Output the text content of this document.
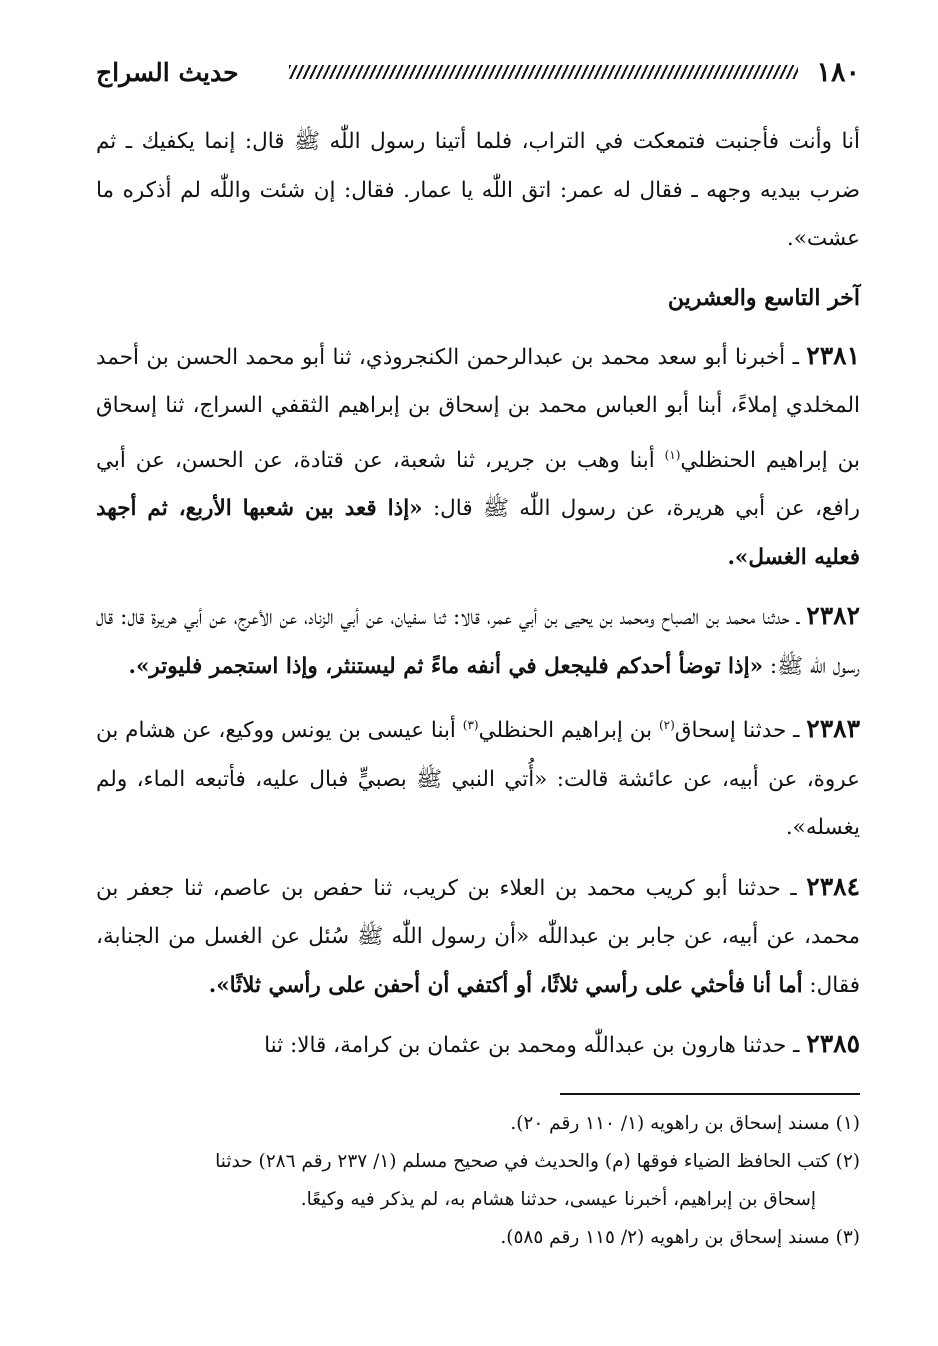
١٨٠
حديث السراج

أنا وأنت فأجنبت فتمعكت في التراب، فلما أتينا رسول اللّٰه ﷺ قال: إنما يكفيك ـ ثم ضرب بيديه وجهه ـ فقال له عمر: اتق اللّٰه يا عمار. فقال: إن شئت واللّٰه لم أذكره ما عشت».

آخر التاسع والعشرين

٢٣٨١ ـ أخبرنا أبو سعد محمد بن عبدالرحمن الكنجروذي، ثنا أبو محمد الحسن بن أحمد المخلدي إملاءً، أبنا أبو العباس محمد بن إسحاق بن إبراهيم الثقفي السراج، ثنا إسحاق بن إبراهيم الحنظلي$^{(١)}$ أبنا وهب بن جرير، ثنا شعبة، عن قتادة، عن الحسن، عن أبي رافع، عن أبي هريرة، عن رسول اللّٰه ﷺ قال: «إذا قعد بين شعبها الأربع، ثم أجهد فعليه الغسل».

٢٣٨٢ ـ حدثنا محمد بن الصباح ومحمد بن يحيى بن أبي عمر، قالا: ثنا سفيان، عن أبي الزناد، عن الأعرج، عن أبي هريرة قال: قال رسول اللّٰه ﷺ: «إذا توضأ أحدكم فليجعل في أنفه ماءً ثم ليستنثر، وإذا استجمر فليوتر».

٢٣٨٣ ـ حدثنا إسحاق$^{(٢)}$ بن إبراهيم الحنظلي$^{(٣)}$ أبنا عيسى بن يونس ووكيع، عن هشام بن عروة، عن أبيه، عن عائشة قالت: «أُتي النبي ﷺ بصبيٍّ فبال عليه، فأتبعه الماء، ولم يغسله».

٢٣٨٤ ـ حدثنا أبو كريب محمد بن العلاء بن كريب، ثنا حفص بن عاصم، ثنا جعفر بن محمد، عن أبيه، عن جابر بن عبداللّٰه «أن رسول اللّٰه ﷺ سُئل عن الغسل من الجنابة، فقال: أما أنا فأحثي على رأسي ثلاثًا، أو أكتفي أن أحفن على رأسي ثلاثًا».

٢٣٨٥ ـ حدثنا هارون بن عبداللّٰه ومحمد بن عثمان بن كرامة، قالا: ثنا

(١) مسند إسحاق بن راهويه (١/ ١١٠ رقم ٢٠).

(٢) كتب الحافظ الضياء فوقها (م) والحديث في صحيح مسلم (١/ ٢٣٧ رقم ٢٨٦) حدثنا

إسحاق بن إبراهيم، أخبرنا عيسى، حدثنا هشام به، لم يذكر فيه وكيعًا.

(٣) مسند إسحاق بن راهويه (٢/ ١١٥ رقم ٥٨٥).
